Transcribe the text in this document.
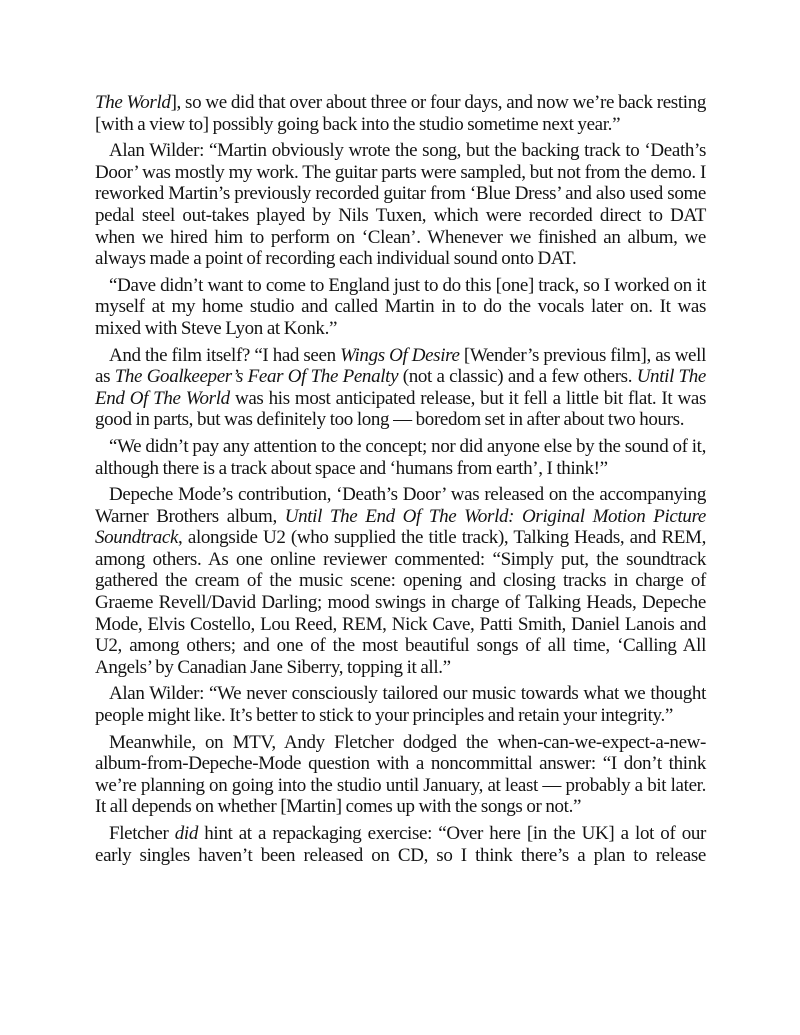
The World], so we did that over about three or four days, and now we’re back resting [with a view to] possibly going back into the studio sometime next year.”

Alan Wilder: “Martin obviously wrote the song, but the backing track to ‘Death’s Door’ was mostly my work. The guitar parts were sampled, but not from the demo. I reworked Martin’s previously recorded guitar from ‘Blue Dress’ and also used some pedal steel out-takes played by Nils Tuxen, which were recorded direct to DAT when we hired him to perform on ‘Clean’. Whenever we finished an album, we always made a point of recording each individual sound onto DAT.

“Dave didn’t want to come to England just to do this [one] track, so I worked on it myself at my home studio and called Martin in to do the vocals later on. It was mixed with Steve Lyon at Konk.”

And the film itself? “I had seen Wings Of Desire [Wender’s previous film], as well as The Goalkeeper’s Fear Of The Penalty (not a classic) and a few others. Until The End Of The World was his most anticipated release, but it fell a little bit flat. It was good in parts, but was definitely too long — boredom set in after about two hours.

“We didn’t pay any attention to the concept; nor did anyone else by the sound of it, although there is a track about space and ‘humans from earth’, I think!”

Depeche Mode’s contribution, ‘Death’s Door’ was released on the accompanying Warner Brothers album, Until The End Of The World: Original Motion Picture Soundtrack, alongside U2 (who supplied the title track), Talking Heads, and REM, among others. As one online reviewer commented: “Simply put, the soundtrack gathered the cream of the music scene: opening and closing tracks in charge of Graeme Revell/David Darling; mood swings in charge of Talking Heads, Depeche Mode, Elvis Costello, Lou Reed, REM, Nick Cave, Patti Smith, Daniel Lanois and U2, among others; and one of the most beautiful songs of all time, ‘Calling All Angels’ by Canadian Jane Siberry, topping it all.”

Alan Wilder: “We never consciously tailored our music towards what we thought people might like. It’s better to stick to your principles and retain your integrity.”

Meanwhile, on MTV, Andy Fletcher dodged the when-can-we-expect-a-new-album-from-Depeche-Mode question with a noncommittal answer: “I don’t think we’re planning on going into the studio until January, at least — probably a bit later. It all depends on whether [Martin] comes up with the songs or not.”

Fletcher did hint at a repackaging exercise: “Over here [in the UK] a lot of our early singles haven’t been released on CD, so I think there’s a plan to release
